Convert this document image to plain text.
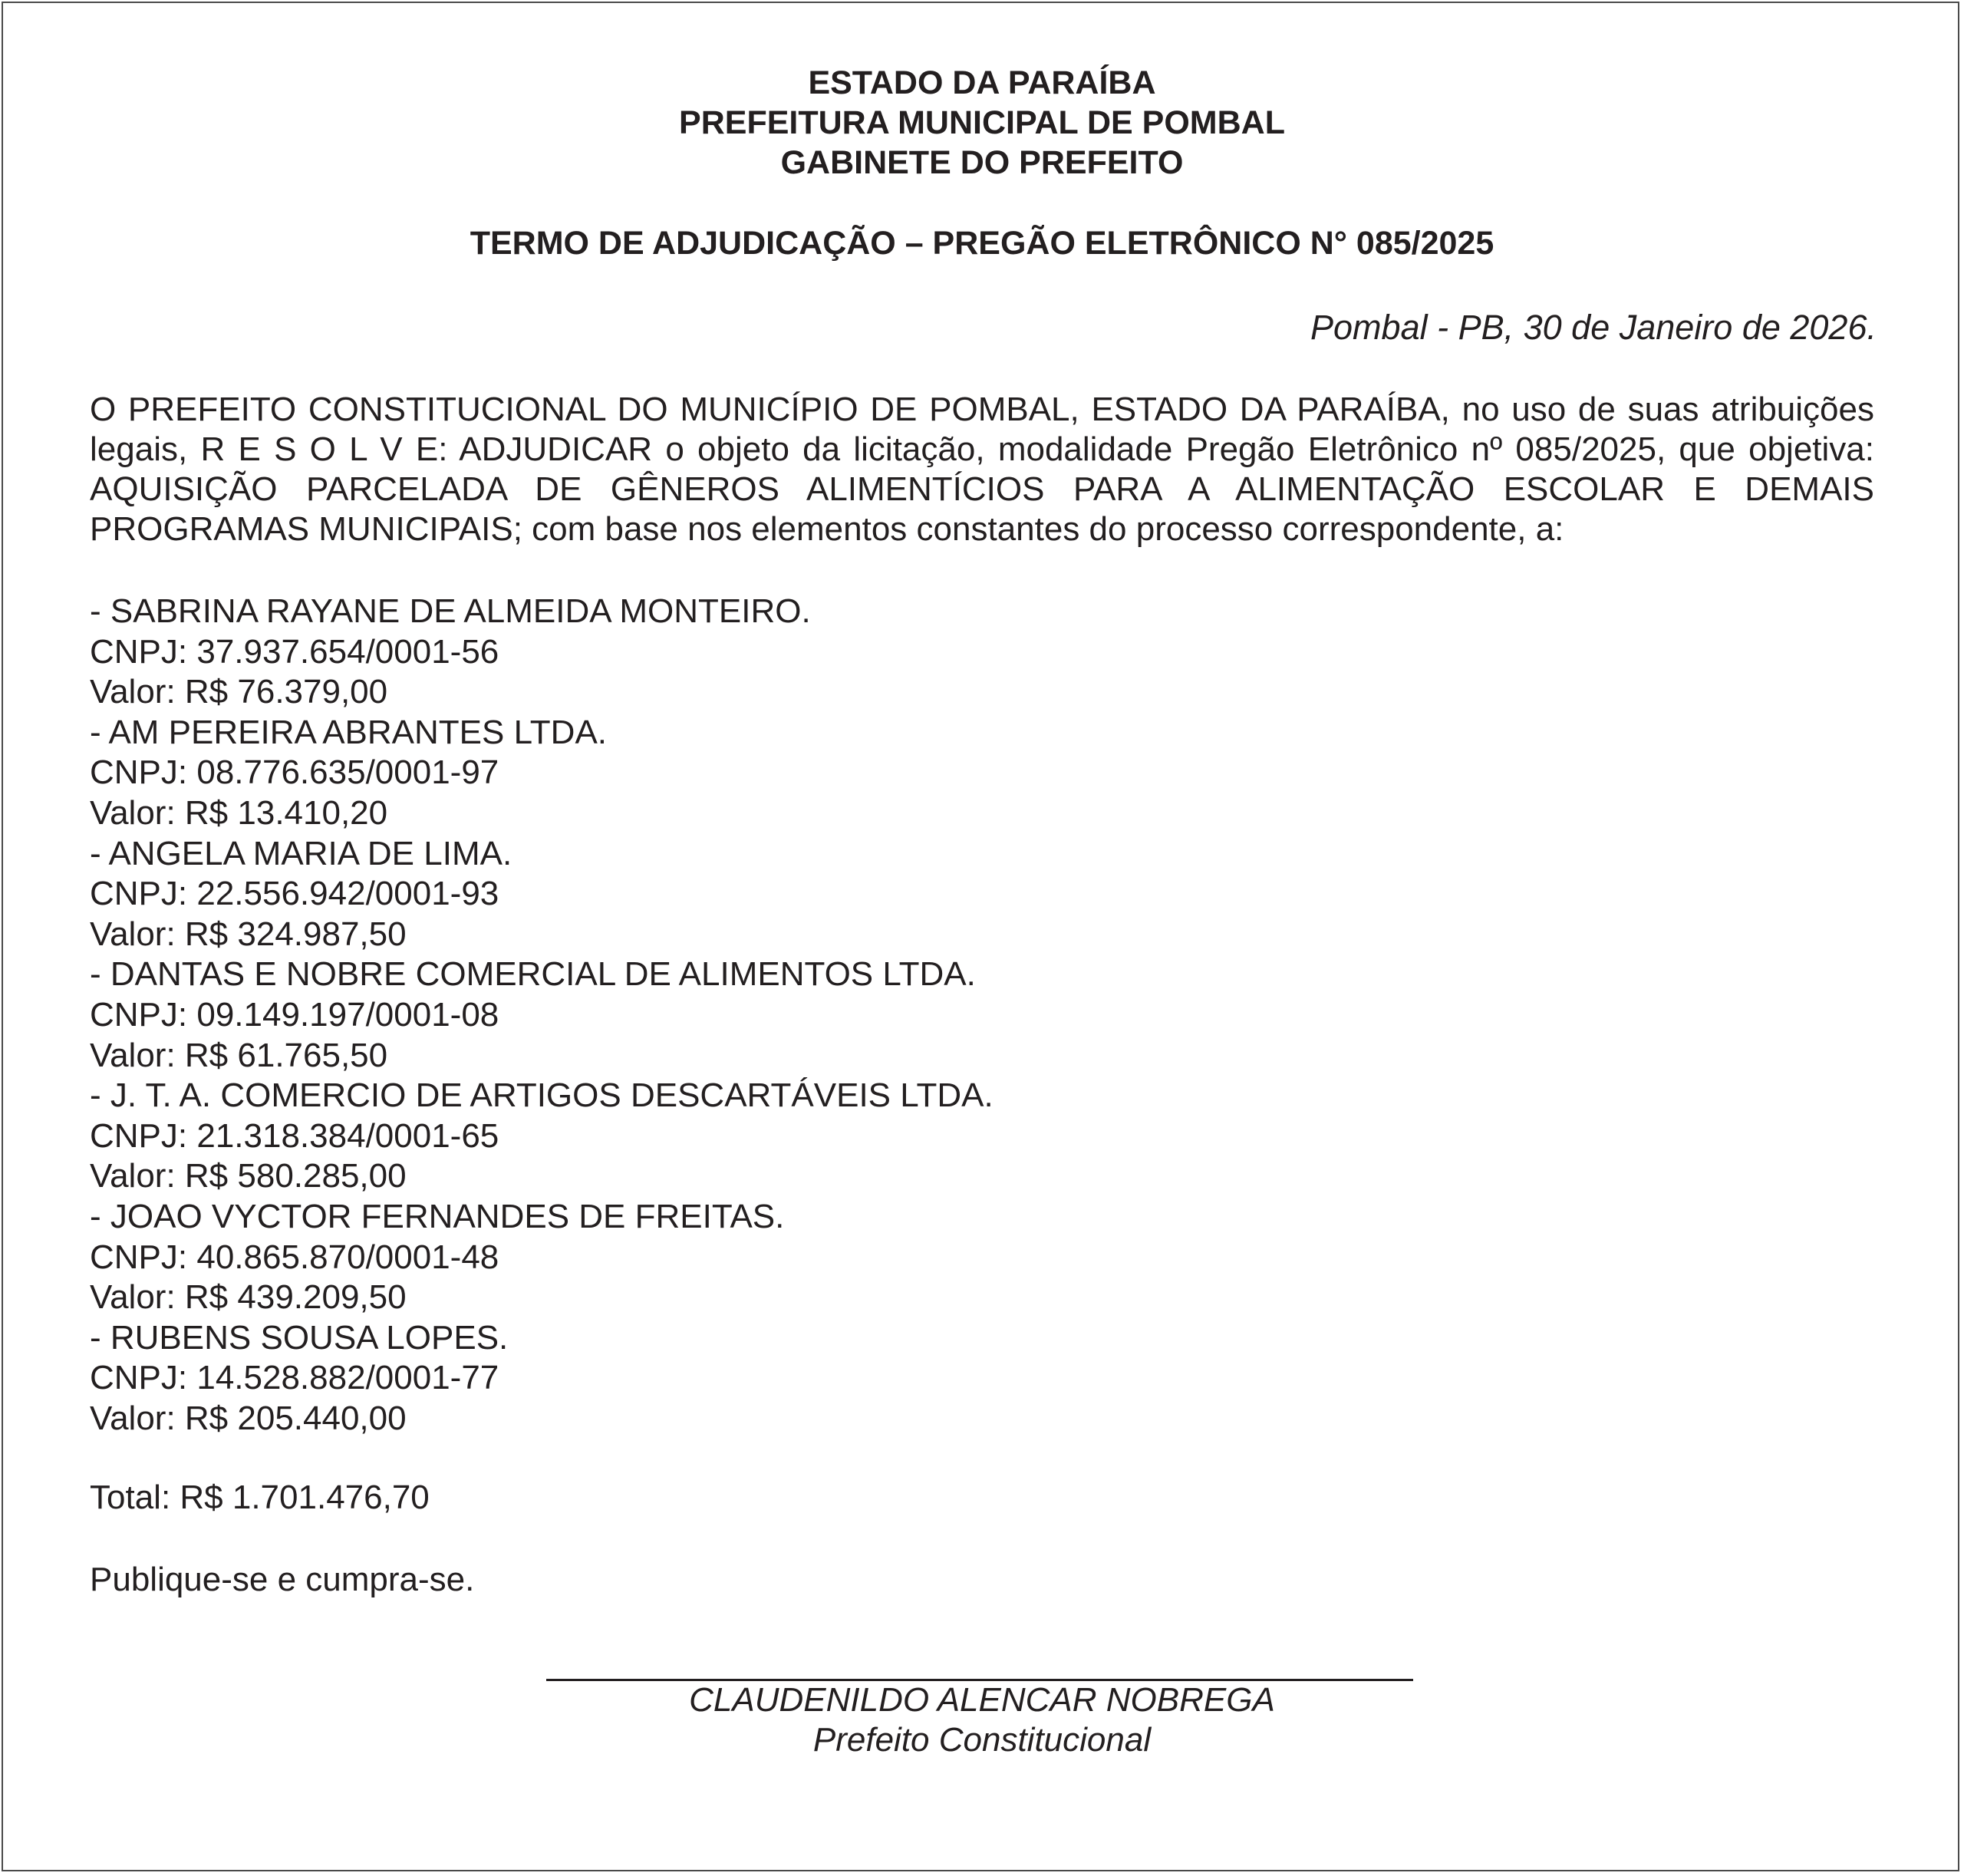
ESTADO DA PARAÍBA
PREFEITURA MUNICIPAL DE POMBAL
GABINETE DO PREFEITO
TERMO DE ADJUDICAÇÃO – PREGÃO ELETRÔNICO N° 085/2025
Pombal - PB, 30 de Janeiro de 2026.
O PREFEITO CONSTITUCIONAL DO MUNICÍPIO DE POMBAL, ESTADO DA PARAÍBA, no uso de suas atribuições legais, R E S O L V E: ADJUDICAR o objeto da licitação, modalidade Pregão Eletrônico nº 085/2025, que objetiva: AQUISIÇÃO PARCELADA DE GÊNEROS ALIMENTÍCIOS PARA A ALIMENTAÇÃO ESCOLAR E DEMAIS PROGRAMAS MUNICIPAIS; com base nos elementos constantes do processo correspondente, a:
- SABRINA RAYANE DE ALMEIDA MONTEIRO.
CNPJ: 37.937.654/0001-56
Valor: R$ 76.379,00
- AM PEREIRA ABRANTES LTDA.
CNPJ: 08.776.635/0001-97
Valor: R$ 13.410,20
- ANGELA MARIA DE LIMA.
CNPJ: 22.556.942/0001-93
Valor: R$ 324.987,50
- DANTAS E NOBRE COMERCIAL DE ALIMENTOS LTDA.
CNPJ: 09.149.197/0001-08
Valor: R$ 61.765,50
- J. T. A. COMERCIO DE ARTIGOS DESCARTÁVEIS LTDA.
CNPJ: 21.318.384/0001-65
Valor: R$ 580.285,00
- JOAO VYCTOR FERNANDES DE FREITAS.
CNPJ: 40.865.870/0001-48
Valor: R$ 439.209,50
- RUBENS SOUSA LOPES.
CNPJ: 14.528.882/0001-77
Valor: R$ 205.440,00
Total: R$ 1.701.476,70
Publique-se e cumpra-se.
CLAUDENILDO ALENCAR NOBREGA
Prefeito Constitucional
